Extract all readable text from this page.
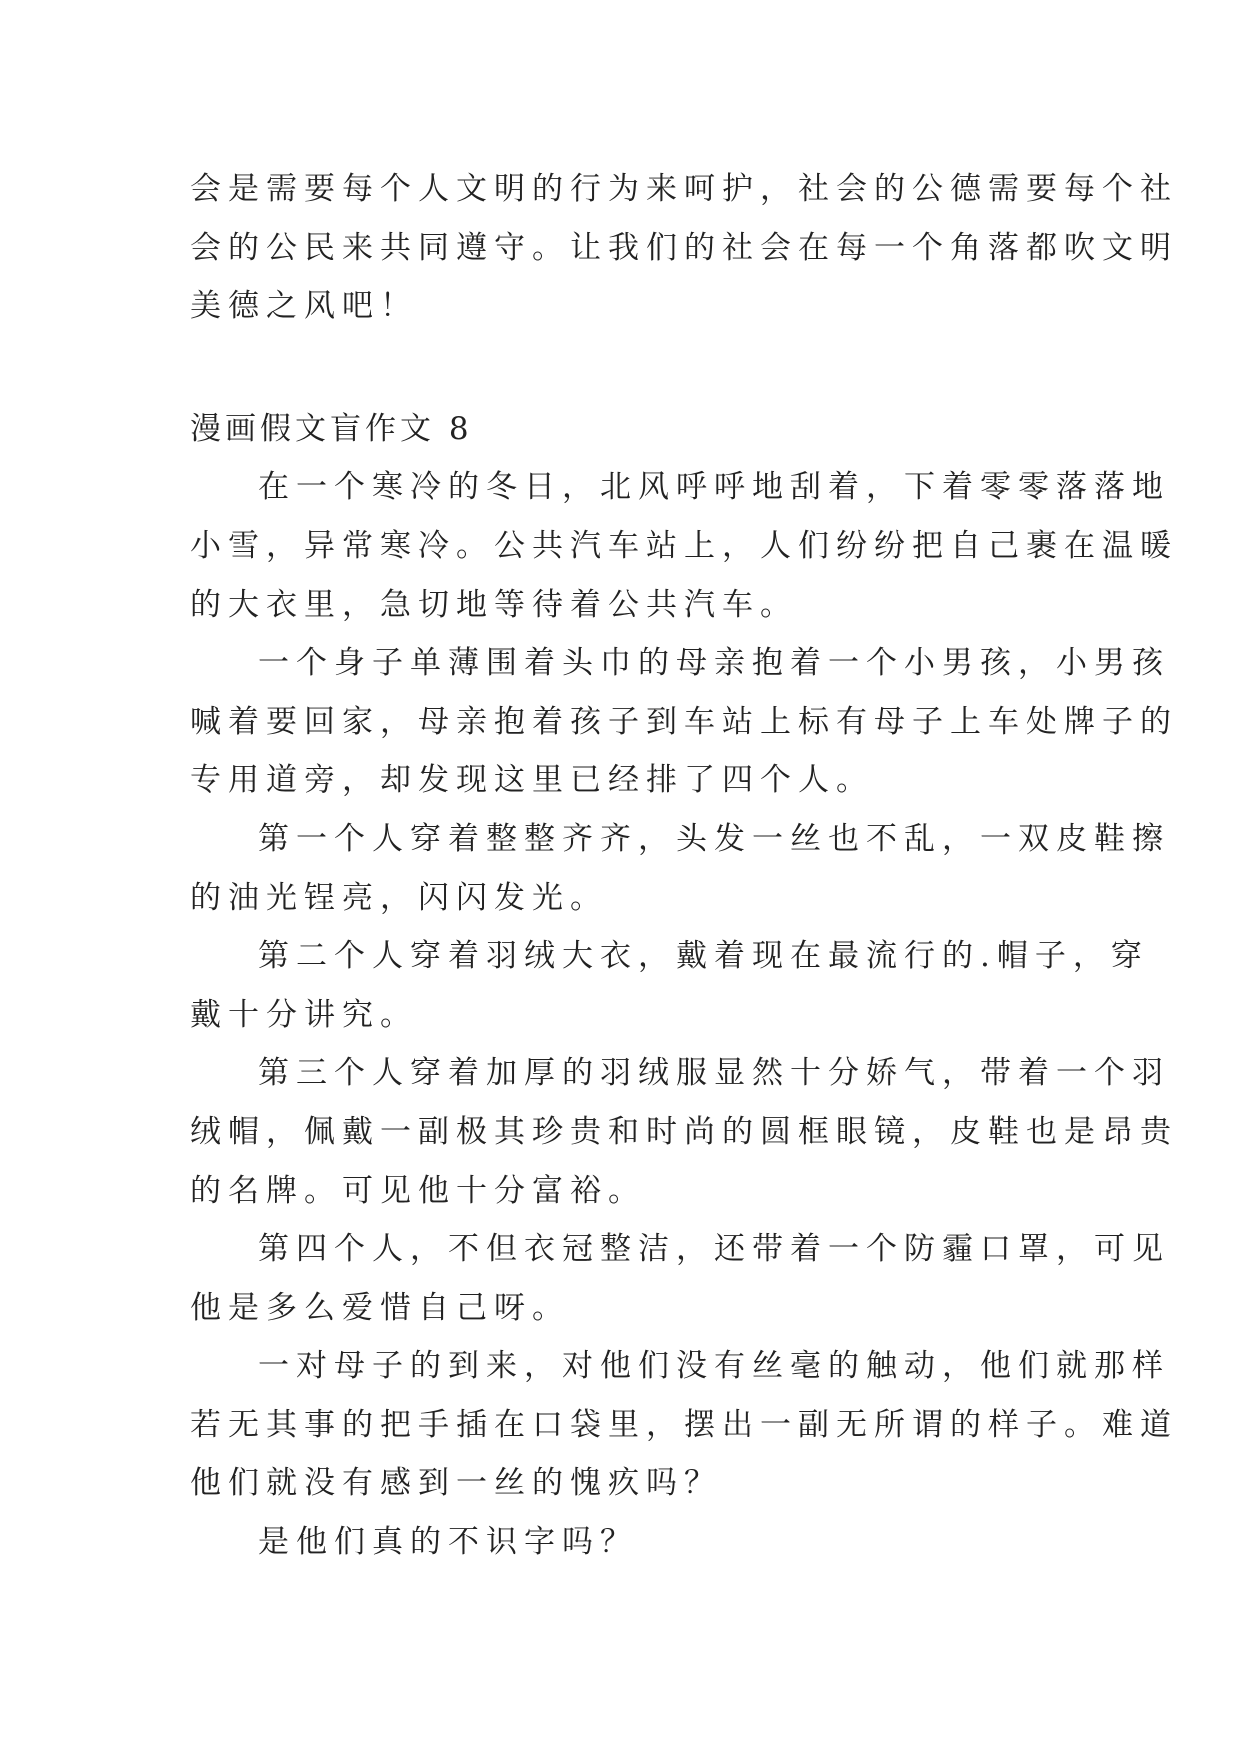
会是需要每个人文明的行为来呵护，社会的公德需要每个社
会的公民来共同遵守。让我们的社会在每一个角落都吹文明
美德之风吧！
漫画假文盲作文 8
在一个寒冷的冬日，北风呼呼地刮着，下着零零落落地
小雪，异常寒冷。公共汽车站上，人们纷纷把自己裹在温暖
的大衣里，急切地等待着公共汽车。
一个身子单薄围着头巾的母亲抱着一个小男孩，小男孩
喊着要回家，母亲抱着孩子到车站上标有母子上车处牌子的
专用道旁，却发现这里已经排了四个人。
第一个人穿着整整齐齐，头发一丝也不乱，一双皮鞋擦
的油光锃亮，闪闪发光。
第二个人穿着羽绒大衣，戴着现在最流行的.帽子，穿
戴十分讲究。
第三个人穿着加厚的羽绒服显然十分娇气，带着一个羽
绒帽，佩戴一副极其珍贵和时尚的圆框眼镜，皮鞋也是昂贵
的名牌。可见他十分富裕。
第四个人，不但衣冠整洁，还带着一个防霾口罩，可见
他是多么爱惜自己呀。
一对母子的到来，对他们没有丝毫的触动，他们就那样
若无其事的把手插在口袋里，摆出一副无所谓的样子。难道
他们就没有感到一丝的愧疚吗？
是他们真的不识字吗？
